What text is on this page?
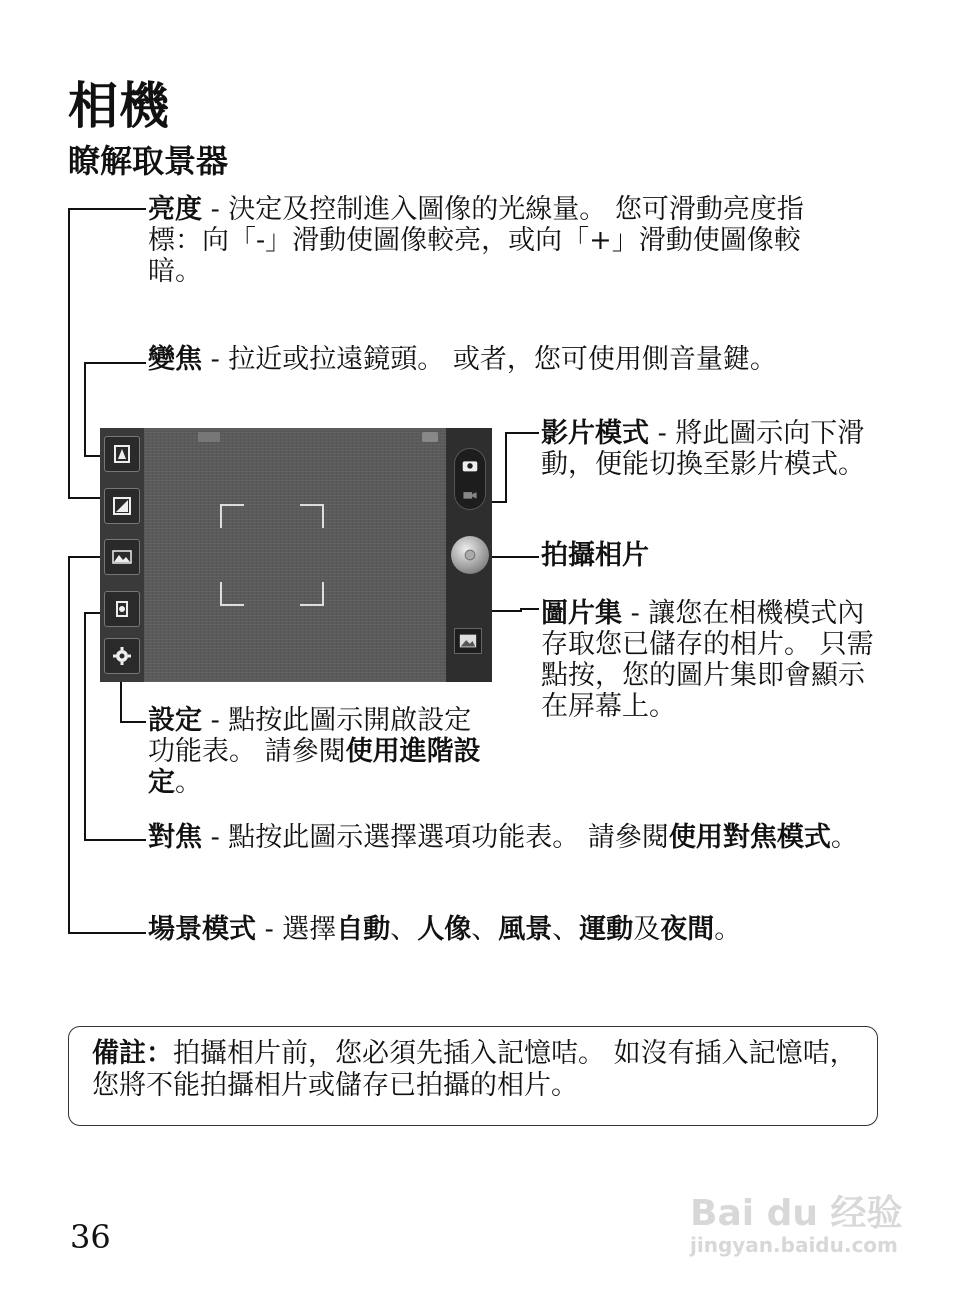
相機
瞭解取景器
亮度 - 決定及控制進入圖像的光線量。 您可滑動亮度指標：向「-」滑動使圖像較亮，或向「+」滑動使圖像較暗。
變焦 - 拉近或拉遠鏡頭。 或者，您可使用側音量鍵。
影片模式 - 將此圖示向下滑動，便能切換至影片模式。
拍攝相片
圖片集 - 讓您在相機模式內存取您已儲存的相片。 只需點按，您的圖片集即會顯示在屏幕上。
設定 - 點按此圖示開啟設定功能表。 請參閱使用進階設定。
對焦 - 點按此圖示選擇選項功能表。 請參閱使用對焦模式。
場景模式 - 選擇自動、人像、風景、運動及夜間。
備註：拍攝相片前，您必須先插入記憶咭。 如沒有插入記憶咭，您將不能拍攝相片或儲存已拍攝的相片。
36
Bai du 经验
jingyan.baidu.com
